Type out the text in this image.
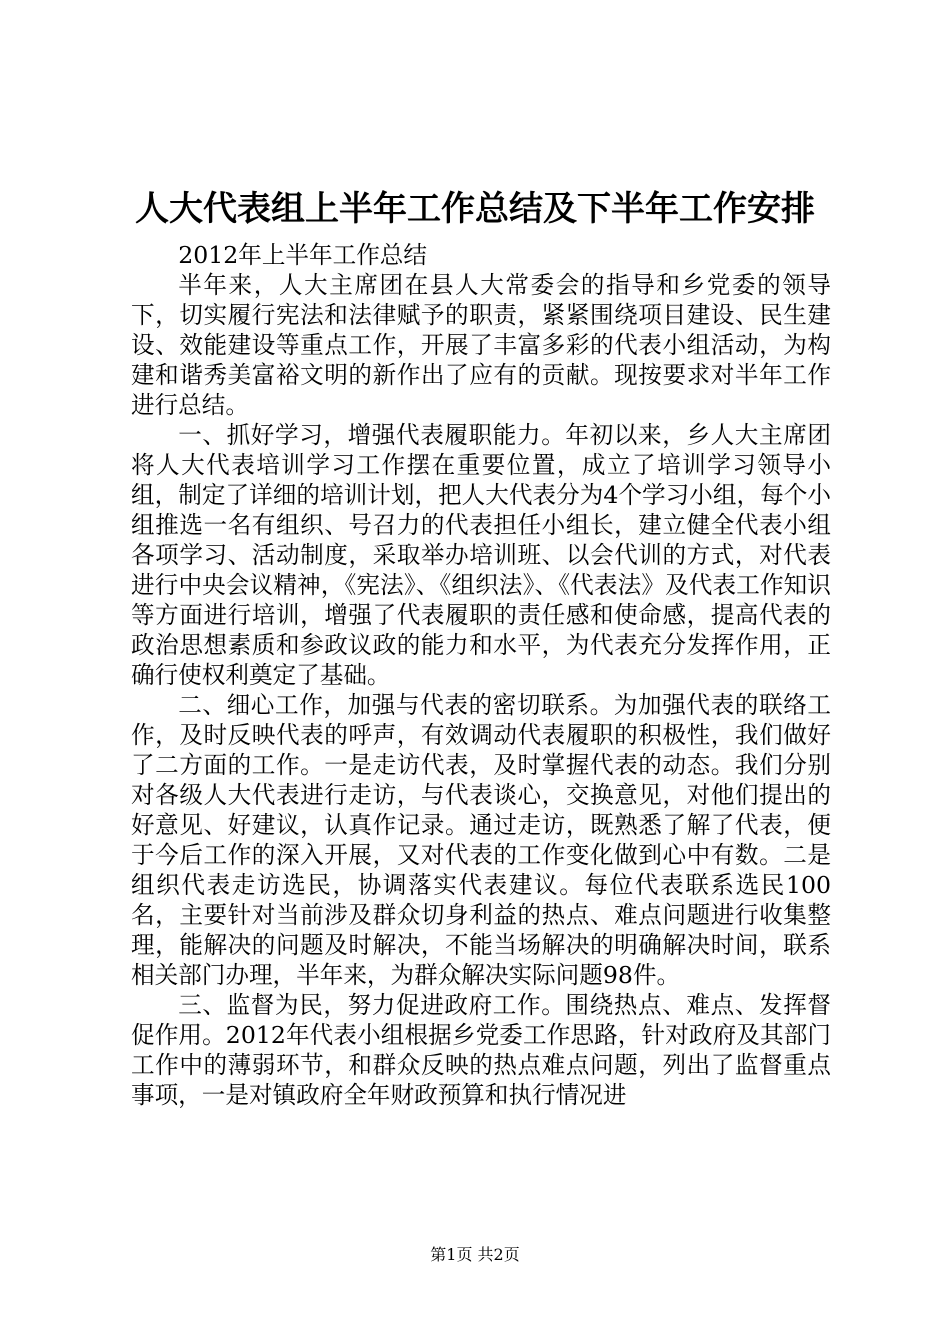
人大代表组上半年工作总结及下半年工作安排

2012年上半年工作总结

半年来，人大主席团在县人大常委会的指导和乡党委的领导下，切实履行宪法和法律赋予的职责，紧紧围绕项目建设、民生建设、效能建设等重点工作，开展了丰富多彩的代表小组活动，为构建和谐秀美富裕文明的新作出了应有的贡献。现按要求对半年工作进行总结。

一、抓好学习，增强代表履职能力。年初以来，乡人大主席团将人大代表培训学习工作摆在重要位置，成立了培训学习领导小组，制定了详细的培训计划，把人大代表分为4个学习小组，每个小组推选一名有组织、号召力的代表担任小组长，建立健全代表小组各项学习、活动制度，采取举办培训班、以会代训的方式，对代表进行中央会议精神，《宪法》、《组织法》、《代表法》及代表工作知识等方面进行培训，增强了代表履职的责任感和使命感，提高代表的政治思想素质和参政议政的能力和水平，为代表充分发挥作用，正确行使权利奠定了基础。

二、细心工作，加强与代表的密切联系。为加强代表的联络工作，及时反映代表的呼声，有效调动代表履职的积极性，我们做好了二方面的工作。一是走访代表，及时掌握代表的动态。我们分别对各级人大代表进行走访，与代表谈心，交换意见，对他们提出的好意见、好建议，认真作记录。通过走访，既熟悉了解了代表，便于今后工作的深入开展，又对代表的工作变化做到心中有数。二是组织代表走访选民，协调落实代表建议。每位代表联系选民100名，主要针对当前涉及群众切身利益的热点、难点问题进行收集整理，能解决的问题及时解决，不能当场解决的明确解决时间，联系相关部门办理，半年来，为群众解决实际问题98件。

三、监督为民，努力促进政府工作。围绕热点、难点、发挥督促作用。2012年代表小组根据乡党委工作思路，针对政府及其部门工作中的薄弱环节，和群众反映的热点难点问题，列出了监督重点事项，一是对镇政府全年财政预算和执行情况进

第1页 共2页
